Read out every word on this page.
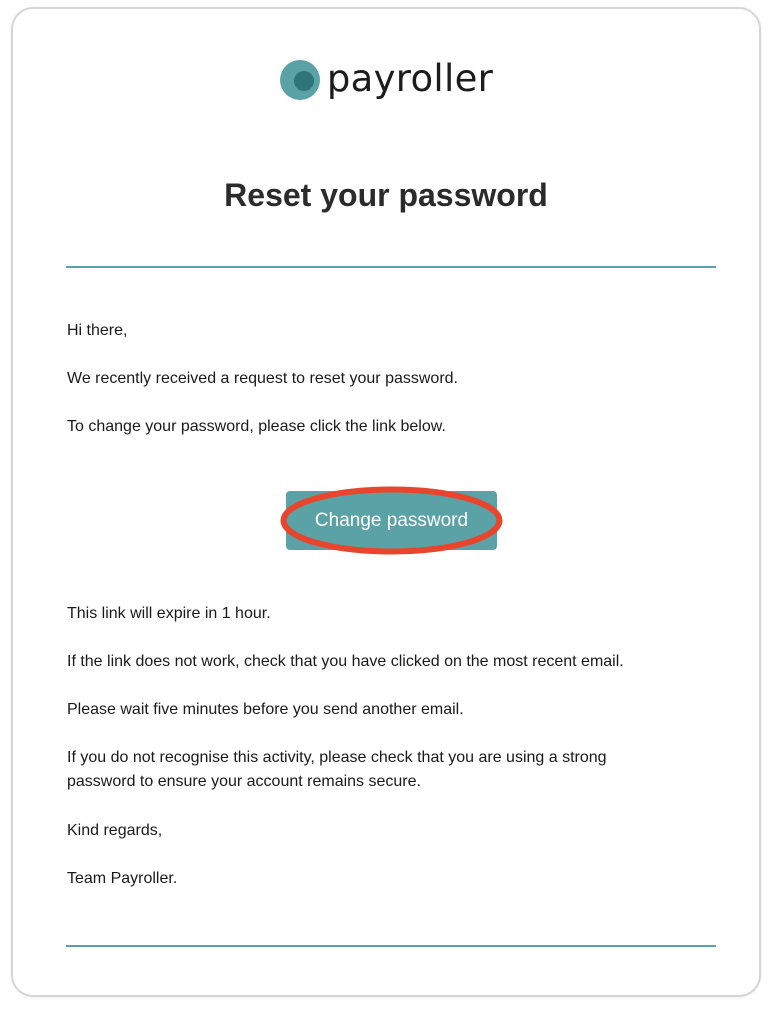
payroller
Reset your password

Hi there,

We recently received a request to reset your password.

To change your password, please click the link below.

Change password

This link will expire in 1 hour.

If the link does not work, check that you have clicked on the most recent email.

Please wait five minutes before you send another email.

If you do not recognise this activity, please check that you are using a strong password to ensure your account remains secure.

Kind regards,

Team Payroller.
